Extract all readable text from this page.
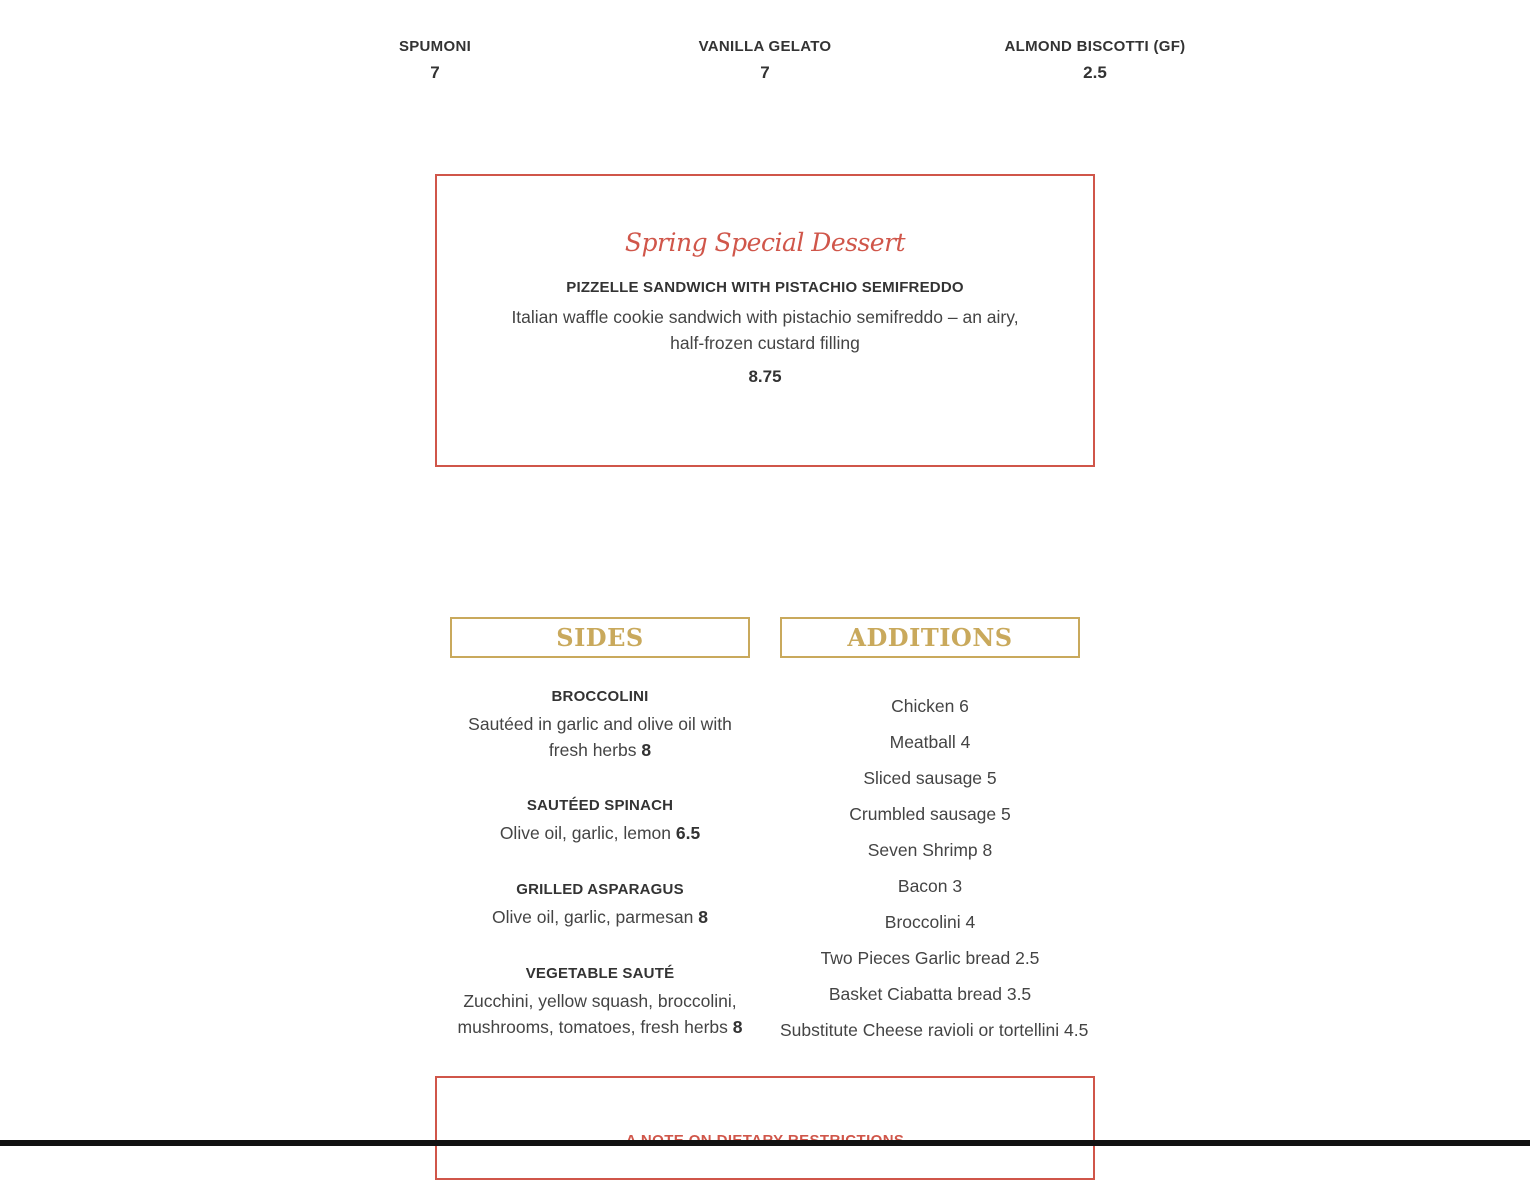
SPUMONI
7
VANILLA GELATO
7
ALMOND BISCOTTI (GF)
2.5
Spring Special Dessert
PIZZELLE SANDWICH WITH PISTACHIO SEMIFREDDO
Italian waffle cookie sandwich with pistachio semifreddo – an airy, half-frozen custard filling
8.75
SIDES	ADDITIONS
BROCCOLINI
Sautéed in garlic and olive oil with fresh herbs 8
SAUTÉED SPINACH
Olive oil, garlic, lemon 6.5
GRILLED ASPARAGUS
Olive oil, garlic, parmesan 8
VEGETABLE SAUTÉ
Zucchini, yellow squash, broccolini, mushrooms, tomatoes, fresh herbs 8
Chicken 6
Meatball 4
Sliced sausage 5
Crumbled sausage 5
Seven Shrimp 8
Bacon 3
Broccolini 4
Two Pieces Garlic bread 2.5
Basket Ciabatta bread 3.5
Substitute Cheese ravioli or tortellini 4.5
